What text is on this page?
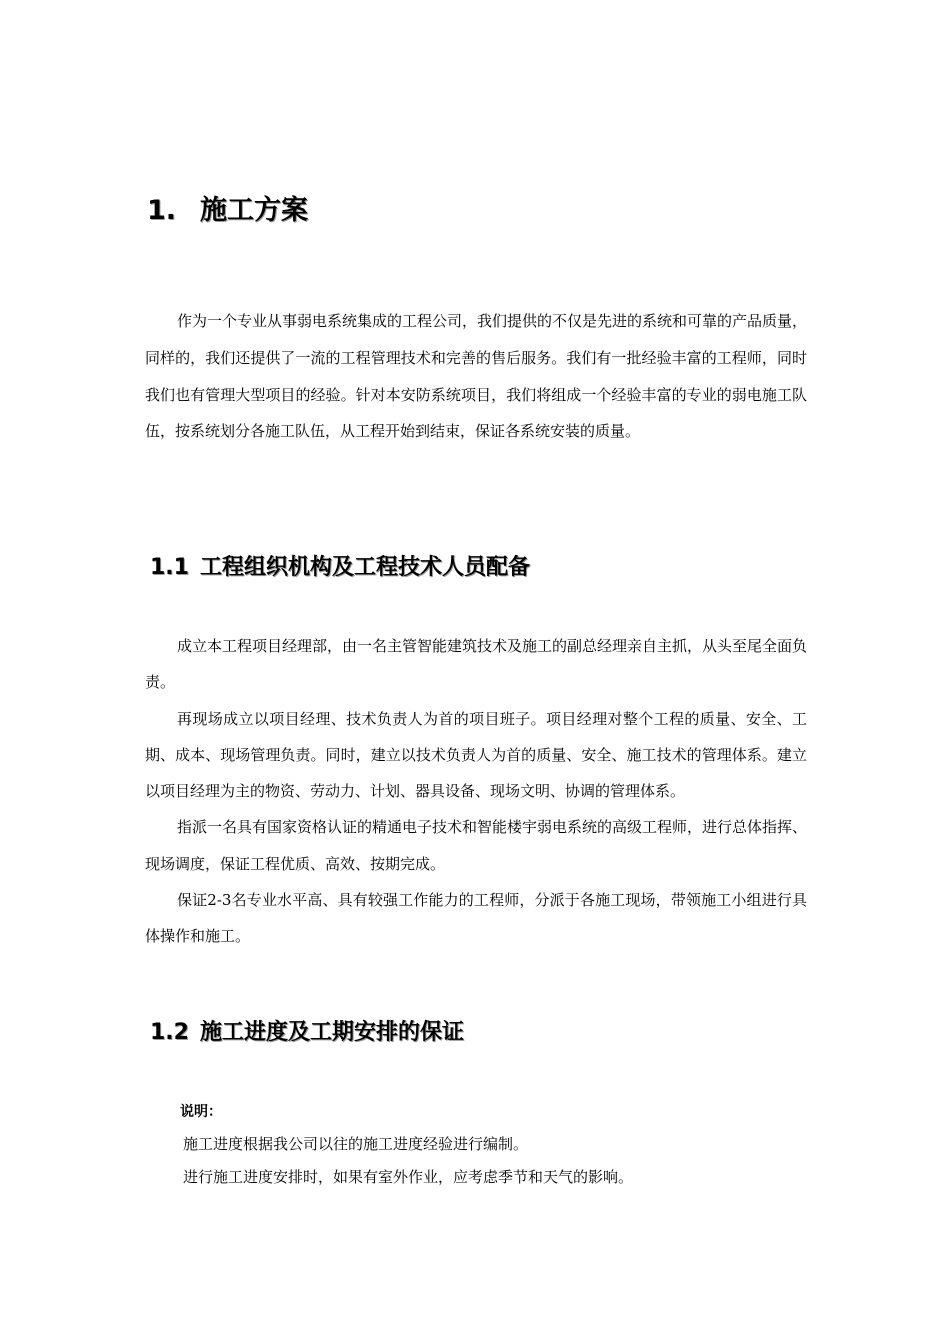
1. 施工方案

作为一个专业从事弱电系统集成的工程公司，我们提供的不仅是先进的系统和可靠的产品质量，同样的，我们还提供了一流的工程管理技术和完善的售后服务。我们有一批经验丰富的工程师，同时我们也有管理大型项目的经验。针对本安防系统项目，我们将组成一个经验丰富的专业的弱电施工队伍，按系统划分各施工队伍，从工程开始到结束，保证各系统安装的质量。

1.1 工程组织机构及工程技术人员配备

成立本工程项目经理部，由一名主管智能建筑技术及施工的副总经理亲自主抓，从头至尾全面负责。

再现场成立以项目经理、技术负责人为首的项目班子。项目经理对整个工程的质量、安全、工期、成本、现场管理负责。同时，建立以技术负责人为首的质量、安全、施工技术的管理体系。建立以项目经理为主的物资、劳动力、计划、器具设备、现场文明、协调的管理体系。

指派一名具有国家资格认证的精通电子技术和智能楼宇弱电系统的高级工程师，进行总体指挥、现场调度，保证工程优质、高效、按期完成。

保证2-3名专业水平高、具有较强工作能力的工程师，分派于各施工现场，带领施工小组进行具体操作和施工。

1.2 施工进度及工期安排的保证
说明：
施工进度根据我公司以往的施工进度经验进行编制。
进行施工进度安排时，如果有室外作业，应考虑季节和天气的影响。
